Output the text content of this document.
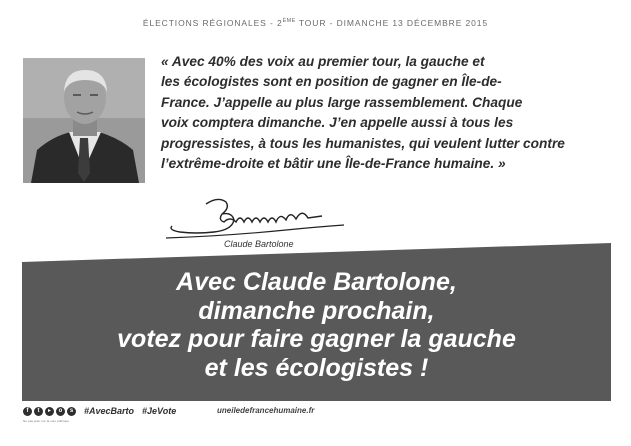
ÉLECTIONS RÉGIONALES - 2ÈME TOUR - DIMANCHE 13 DÉCEMBRE 2015
« Avec 40% des voix au premier tour, la gauche et
les écologistes sont en position de gagner en Île-de-
France. J’appelle au plus large rassemblement. Chaque
voix comptera dimanche. J’en appelle aussi à tous les
progressistes, à tous les humanistes, qui veulent lutter contre
l’extrême-droite et bâtir une Île-de-France humaine. »
Claude Bartolone
Avec Claude Bartolone,
dimanche prochain,
votez pour faire gagner la gauche
et les écologistes !
f	t	▸	o	s	#AvecBarto #JeVote	uneiledefrancehumaine.fr
Ne pas jeter sur la voie publique
